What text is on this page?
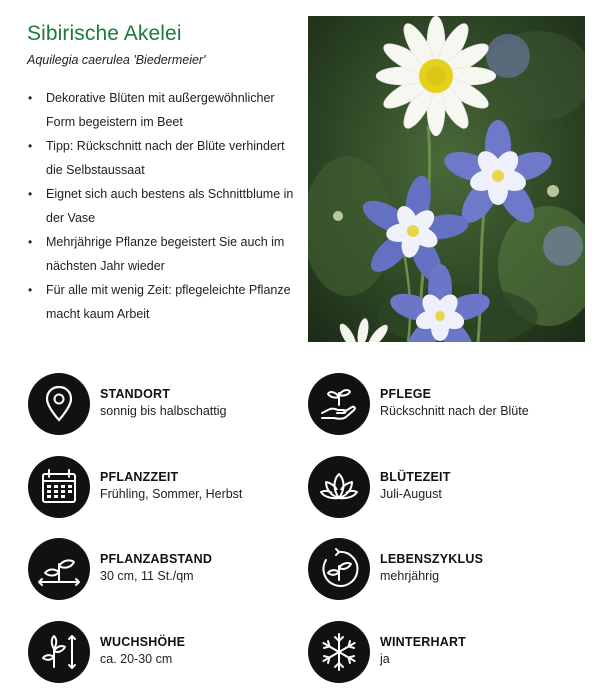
Sibirische Akelei
Aquilegia caerulea 'Biedermeier'
• Dekorative Blüten mit außergewöhnlicher Form begeistern im Beet
• Tipp: Rückschnitt nach der Blüte verhindert die Selbstaussaat
• Eignet sich auch bestens als Schnittblume in der Vase
• Mehrjährige Pflanze begeistert Sie auch im nächsten Jahr wieder
• Für alle mit wenig Zeit: pflegeleichte Pflanze macht kaum Arbeit
STANDORT
sonnig bis halbschattig
PFLEGE
Rückschnitt nach der Blüte
PFLANZZEIT
Frühling, Sommer, Herbst
BLÜTEZEIT
Juli-August
PFLANZABSTAND
30 cm, 11 St./qm
LEBENSZYKLUS
mehrjährig
WUCHSHÖHE
ca. 20-30 cm
WINTERHART
ja
